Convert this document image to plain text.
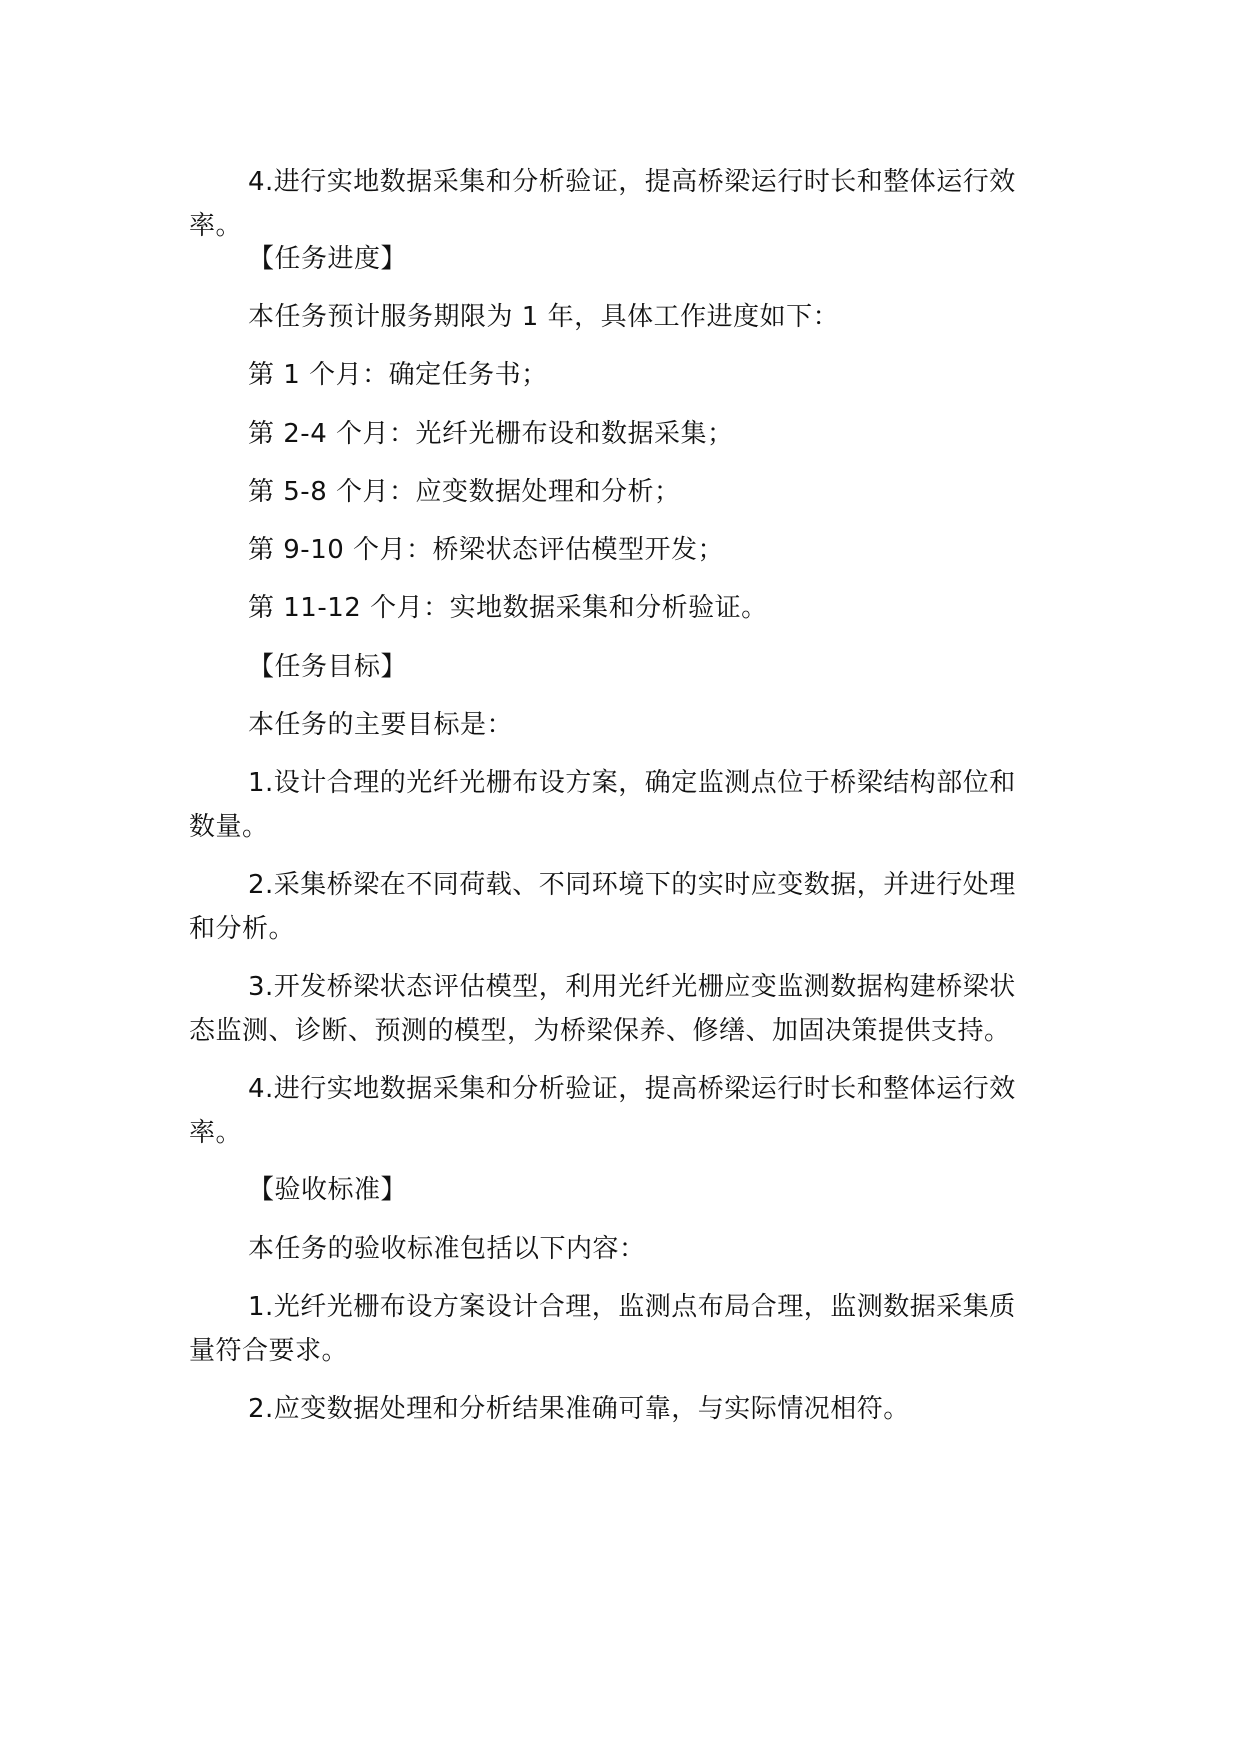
4.进行实地数据采集和分析验证，提高桥梁运行时长和整体运行效

率。

【任务进度】

本任务预计服务期限为 1 年，具体工作进度如下：

第 1 个月：确定任务书；

第 2-4 个月：光纤光栅布设和数据采集；

第 5-8 个月：应变数据处理和分析；

第 9-10 个月：桥梁状态评估模型开发；

第 11-12 个月：实地数据采集和分析验证。

【任务目标】

本任务的主要目标是：

1.设计合理的光纤光栅布设方案，确定监测点位于桥梁结构部位和

数量。

2.采集桥梁在不同荷载、不同环境下的实时应变数据，并进行处理

和分析。

3.开发桥梁状态评估模型，利用光纤光栅应变监测数据构建桥梁状

态监测、诊断、预测的模型，为桥梁保养、修缮、加固决策提供支持。

4.进行实地数据采集和分析验证，提高桥梁运行时长和整体运行效

率。

【验收标准】

本任务的验收标准包括以下内容：

1.光纤光栅布设方案设计合理，监测点布局合理，监测数据采集质

量符合要求。

2.应变数据处理和分析结果准确可靠，与实际情况相符。
